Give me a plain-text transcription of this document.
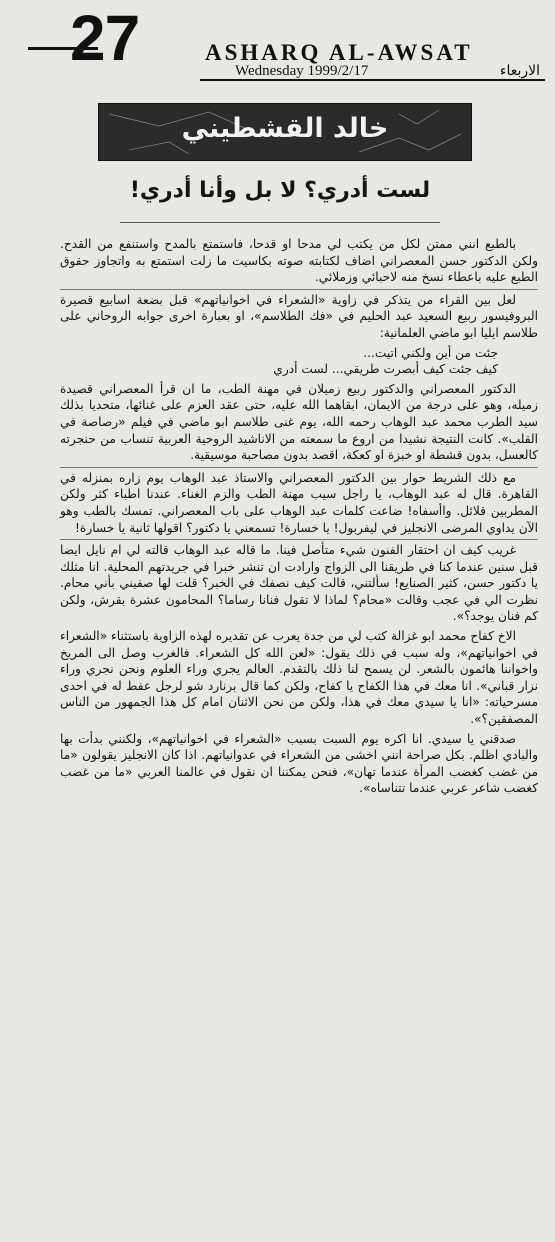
27	ASHARQ AL-AWSAT
Wednesday 1999/2/17	الاربعاء
خالد القشطيني
لست أدري؟ لا بل وأنا أدري!

بالطبع انني ممتن لكل من يكتب لي مدحا او قدحا، فاستمتع بالمدح واستنفع من القدح. ولكن الدكتور حسن المعصراني اضاف لكتابته صوته بكاسيت ما زلت استمتع به واتجاوز حقوق الطبع عليه باعطاء نسخ منه لاحبائي وزملائي.

لعل بين القراء من يتذكر في زاوية «الشعراء في اخوانياتهم» قبل بضعة اسابيع قصيرة البروفيسور ربيع السعيد عبد الحليم في «فك الطلاسم»، او بعبارة اخرى جوابه الروحاني على طلاسم ايليا ابو ماضي العلمانية:

جئت من أين ولكني اتيت...

كيف جئت كيف أبصرت طريقي... لست أدري

الدكتور المعصراني والدكتور ربيع زميلان في مهنة الطب، ما ان قرأ المعصراني قصيدة زميله، وهو على درجة من الايمان، ابقاهما الله عليه، حتى عقد العزم على غنائها، متحديا بذلك سيد الطرب محمد عبد الوهاب رحمه الله، يوم غنى طلاسم ابو ماضي في فيلم «رصاصة في القلب». كانت النتيجة نشيدا من اروع ما سمعته من الاناشيد الروحية العربية تنساب من حنجرته كالعسل، بدون قشطة او خبزة او كعكة، اقصد بدون مصاحبة موسيقية.

مع ذلك الشريط حوار بين الدكتور المعصراني والاستاذ عبد الوهاب يوم زاره بمنزله في القاهرة. قال له عبد الوهاب، يا راجل سيب مهنة الطب والزم الغناء. عندنا اطباء كثر ولكن المطربين قلائل. واأسفاه! ضاعت كلمات عبد الوهاب على باب المعصراني. تمسك بالطب وهو الآن يداوي المرضى الانجليز في ليفربول! يا خسارة! تسمعني يا دكتور؟ اقولها ثانية يا خسارة!

غريب كيف ان احتقار الفنون شيء متأصل فينا. ما قاله عبد الوهاب قالته لي ام نايل ايضا قبل سنين عندما كنا في طريقنا الى الزواج وارادت ان تنشر خبرا في جريدتهم المحلية. انا مثلك يا دكتور حسن، كثير الصنايع! سألتني، قالت كيف نصفك في الخبر؟ قلت لها صفيني بأني محام. نظرت الي في عجب وقالت «محام؟ لماذا لا تقول فنانا رساما؟ المحامون عشرة بقرش، ولكن كم فنان يوجد؟».

الاخ كفاح محمد ابو غزالة كتب لي من جدة يعرب عن تقديره لهذه الزاوية باستثناء «الشعراء في اخوانياتهم»، وله سبب في ذلك يقول: «لعن الله كل الشعراء. فالغرب وصل الى المريخ واخواننا هائمون بالشعر. لن يسمح لنا ذلك بالتقدم. العالم يجري وراء العلوم ونحن نجري وراء نزار قباني». انا معك في هذا الكفاح يا كفاح، ولكن كما قال برنارد شو لرجل عفط له في احدى مسرحياته: «انا يا سيدي معك في هذا، ولكن من نحن الاثنان امام كل هذا الجمهور من الناس المصفقين؟».

صدقني يا سيدي. انا اكره يوم السبت بسبب «الشعراء في اخوانياتهم»، ولكنني بدأت بها والبادي اظلم. بكل صراحة انني اخشى من الشعراء في عدوانياتهم. اذا كان الانجليز يقولون «ما من غضب كغضب المرأة عندما تهان»، فنحن يمكننا ان نقول في عالمنا العربي «ما من غضب كغضب شاعر عربي عندما تتناساه».
